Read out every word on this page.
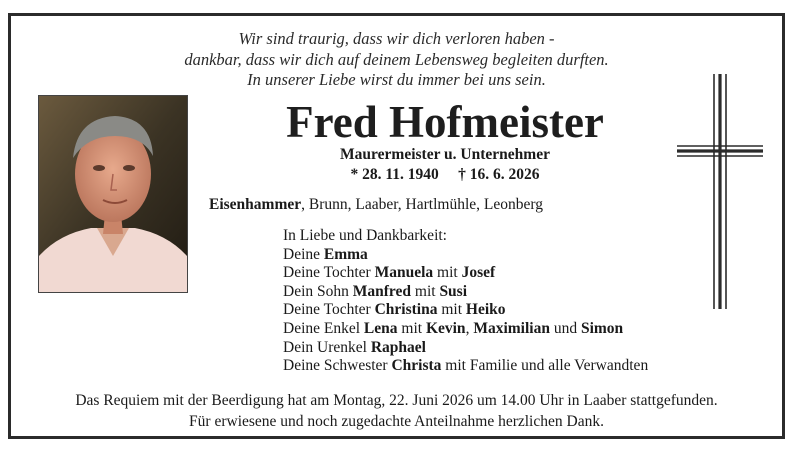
Wir sind traurig, dass wir dich verloren haben -
dankbar, dass wir dich auf deinem Lebensweg begleiten durften.
In unserer Liebe wirst du immer bei uns sein.
Fred Hofmeister
Maurermeister u. Unternehmer
* 28. 11. 1940 † 16. 6. 2026
Eisenhammer, Brunn, Laaber, Hartlmühle, Leonberg
In Liebe und Dankbarkeit:
Deine Emma
Deine Tochter Manuela mit Josef
Dein Sohn Manfred mit Susi
Deine Tochter Christina mit Heiko
Deine Enkel Lena mit Kevin, Maximilian und Simon
Dein Urenkel Raphael
Deine Schwester Christa mit Familie und alle Verwandten
Das Requiem mit der Beerdigung hat am Montag, 22. Juni 2026 um 14.00 Uhr in Laaber stattgefunden.
Für erwiesene und noch zugedachte Anteilnahme herzlichen Dank.
